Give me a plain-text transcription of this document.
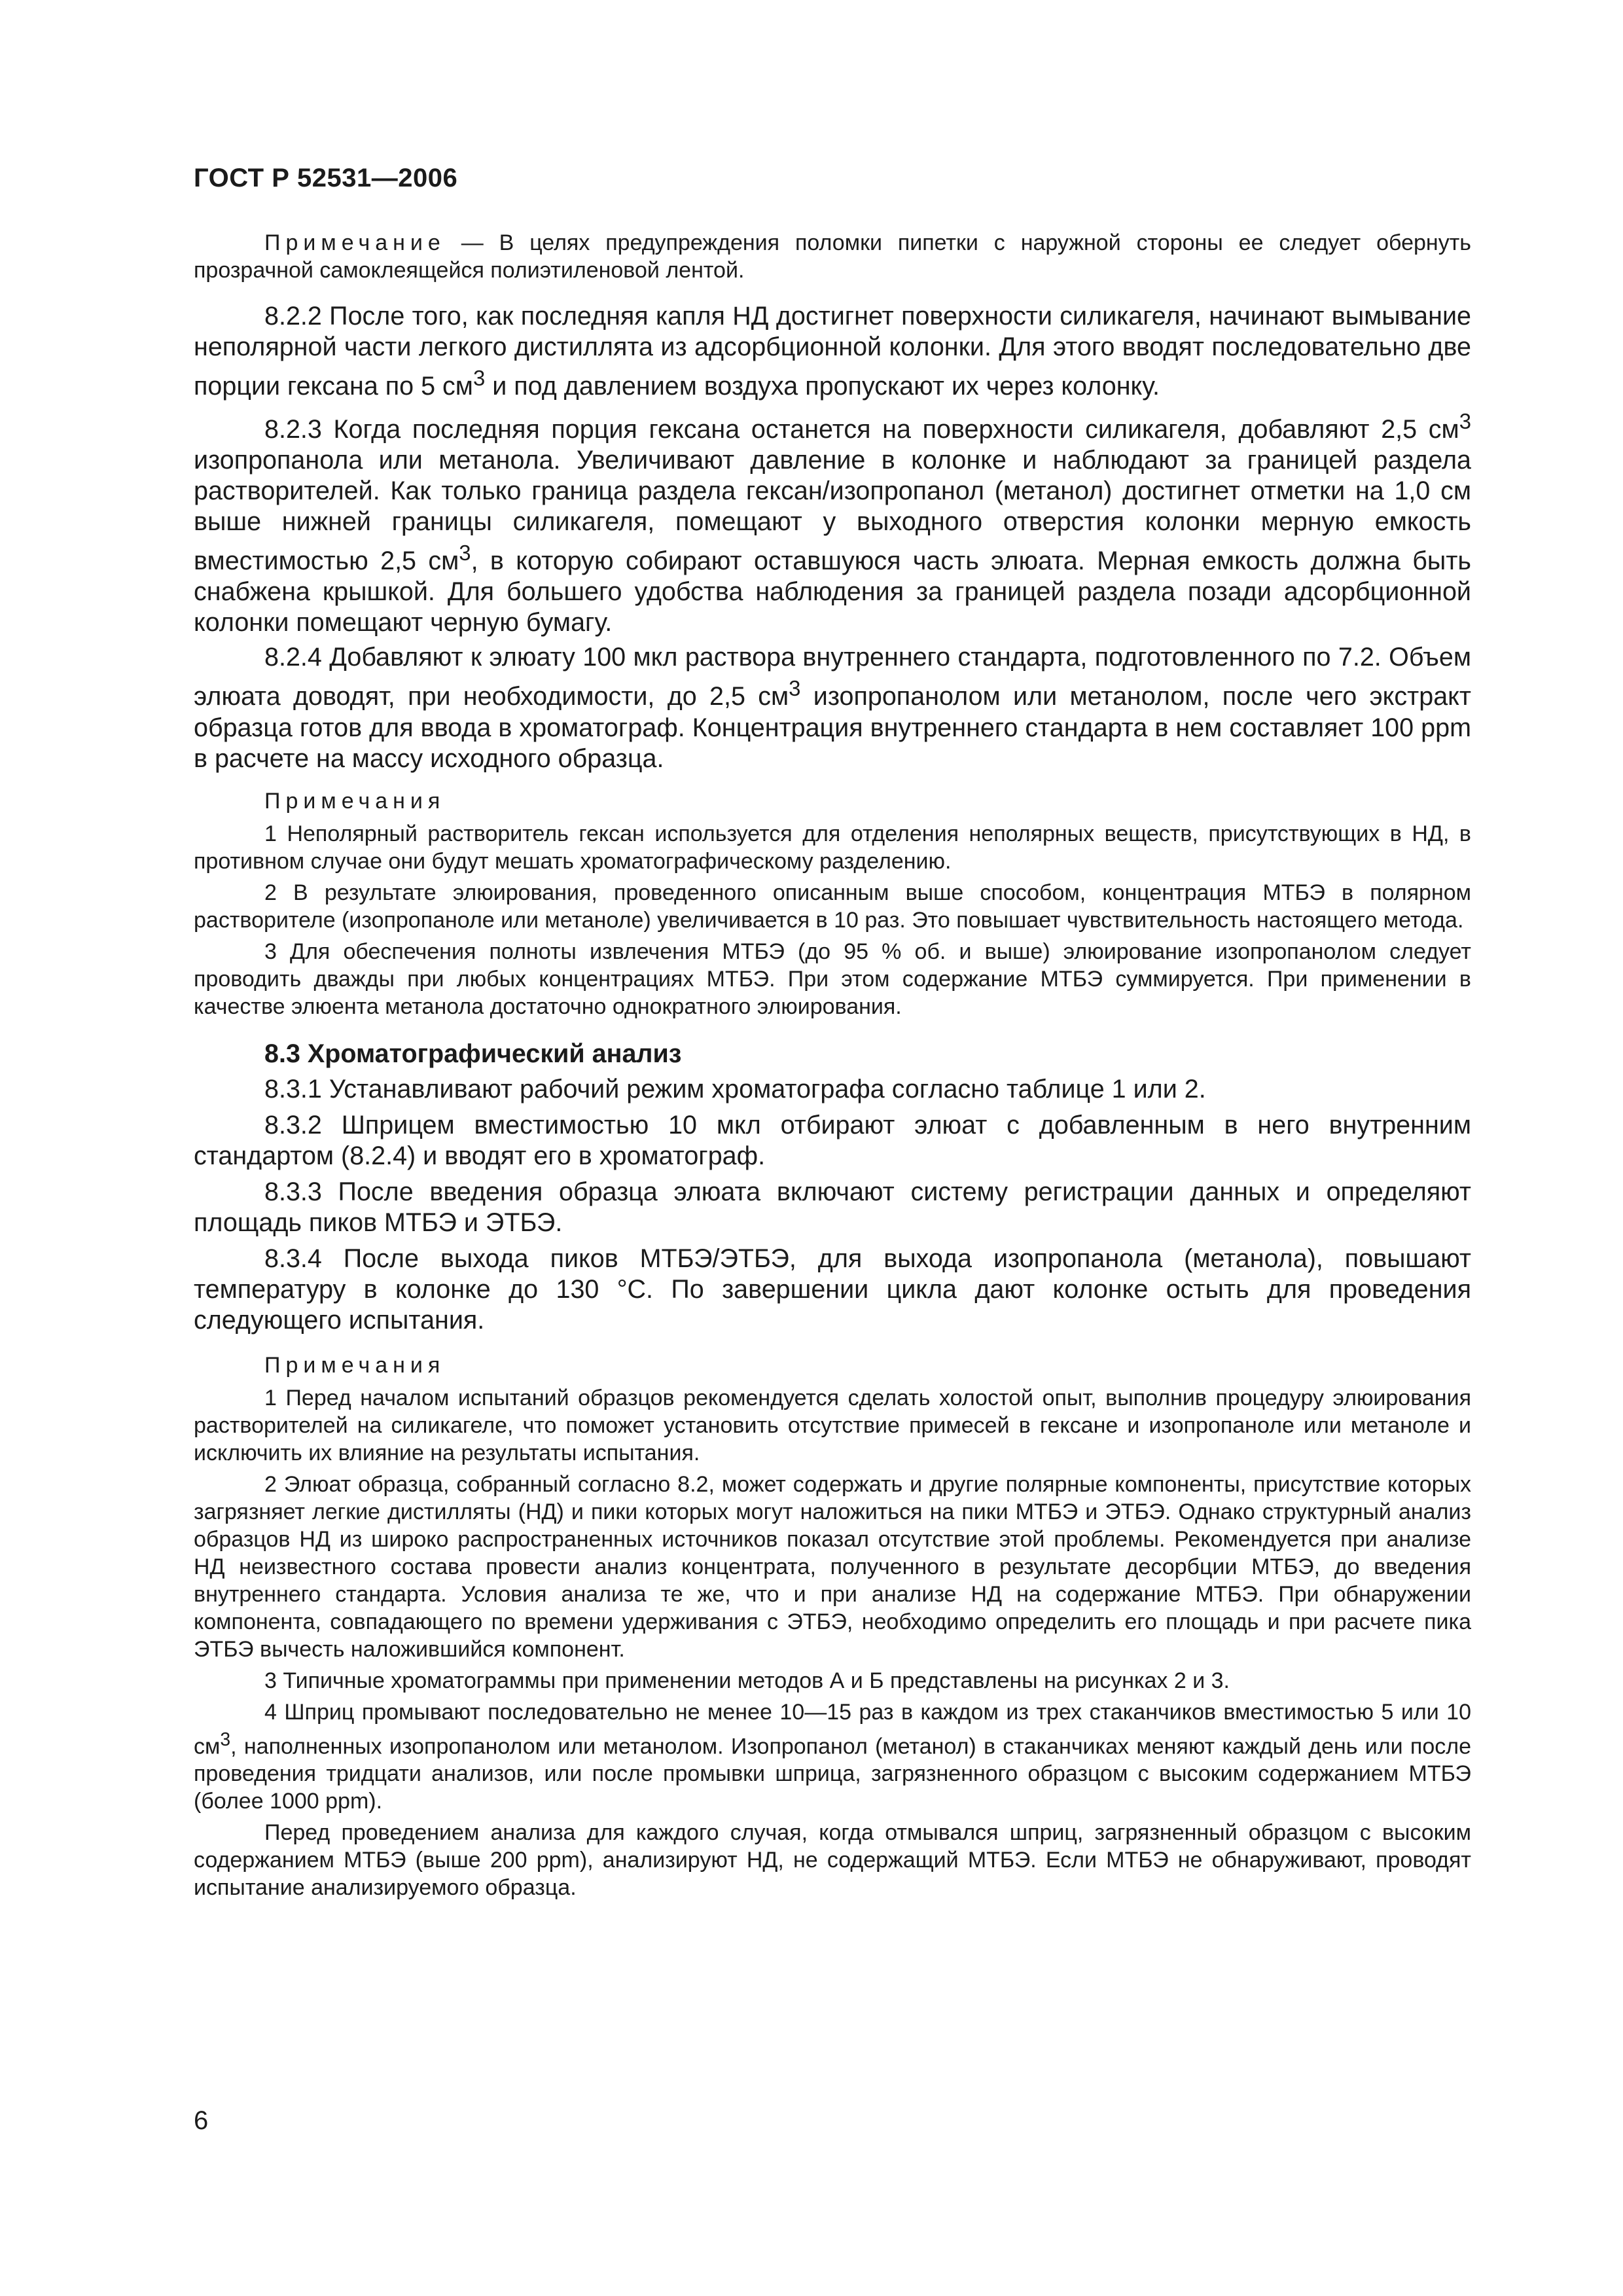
ГОСТ Р 52531—2006

Примечание — В целях предупреждения поломки пипетки с наружной стороны ее следует обернуть прозрачной самоклеящейся полиэтиленовой лентой.

8.2.2 После того, как последняя капля НД достигнет поверхности силикагеля, начинают вымывание неполярной части легкого дистиллята из адсорбционной колонки. Для этого вводят последовательно две порции гексана по 5 $см^3$ и под давлением воздуха пропускают их через колонку.

8.2.3 Когда последняя порция гексана останется на поверхности силикагеля, добавляют 2,5 $см^3$ изопропанола или метанола. Увеличивают давление в колонке и наблюдают за границей раздела растворителей. Как только граница раздела гексан/изопропанол (метанол) достигнет отметки на 1,0 см выше нижней границы силикагеля, помещают у выходного отверстия колонки мерную емкость вместимостью 2,5 $см^3$, в которую собирают оставшуюся часть элюата. Мерная емкость должна быть снабжена крышкой. Для большего удобства наблюдения за границей раздела позади адсорбционной колонки помещают черную бумагу.

8.2.4 Добавляют к элюату 100 мкл раствора внутреннего стандарта, подготовленного по 7.2. Объем элюата доводят, при необходимости, до 2,5 $см^3$ изопропанолом или метанолом, после чего экстракт образца готов для ввода в хроматограф. Концентрация внутреннего стандарта в нем составляет 100 ppm в расчете на массу исходного образца.

Примечания

1 Неполярный растворитель гексан используется для отделения неполярных веществ, присутствующих в НД, в противном случае они будут мешать хроматографическому разделению.

2 В результате элюирования, проведенного описанным выше способом, концентрация МТБЭ в полярном растворителе (изопропаноле или метаноле) увеличивается в 10 раз. Это повышает чувствительность настоящего метода.

3 Для обеспечения полноты извлечения МТБЭ (до 95 % об. и выше) элюирование изопропанолом следует проводить дважды при любых концентрациях МТБЭ. При этом содержание МТБЭ суммируется. При применении в качестве элюента метанола достаточно однократного элюирования.

8.3 Хроматографический анализ

8.3.1 Устанавливают рабочий режим хроматографа согласно таблице 1 или 2.

8.3.2 Шприцем вместимостью 10 мкл отбирают элюат с добавленным в него внутренним стандартом (8.2.4) и вводят его в хроматограф.

8.3.3 После введения образца элюата включают систему регистрации данных и определяют площадь пиков МТБЭ и ЭТБЭ.

8.3.4 После выхода пиков МТБЭ/ЭТБЭ, для выхода изопропанола (метанола), повышают температуру в колонке до 130 °С. По завершении цикла дают колонке остыть для проведения следующего испытания.

Примечания

1 Перед началом испытаний образцов рекомендуется сделать холостой опыт, выполнив процедуру элюирования растворителей на силикагеле, что поможет установить отсутствие примесей в гексане и изопропаноле или метаноле и исключить их влияние на результаты испытания.

2 Элюат образца, собранный согласно 8.2, может содержать и другие полярные компоненты, присутствие которых загрязняет легкие дистилляты (НД) и пики которых могут наложиться на пики МТБЭ и ЭТБЭ. Однако структурный анализ образцов НД из широко распространенных источников показал отсутствие этой проблемы. Рекомендуется при анализе НД неизвестного состава провести анализ концентрата, полученного в результате десорбции МТБЭ, до введения внутреннего стандарта. Условия анализа те же, что и при анализе НД на содержание МТБЭ. При обнаружении компонента, совпадающего по времени удерживания с ЭТБЭ, необходимо определить его площадь и при расчете пика ЭТБЭ вычесть наложившийся компонент.

3 Типичные хроматограммы при применении методов А и Б представлены на рисунках 2 и 3.

4 Шприц промывают последовательно не менее 10—15 раз в каждом из трех стаканчиков вместимостью 5 или 10 $см^3$, наполненных изопропанолом или метанолом. Изопропанол (метанол) в стаканчиках меняют каждый день или после проведения тридцати анализов, или после промывки шприца, загрязненного образцом с высоким содержанием МТБЭ (более 1000 ppm).

Перед проведением анализа для каждого случая, когда отмывался шприц, загрязненный образцом с высоким содержанием МТБЭ (выше 200 ppm), анализируют НД, не содержащий МТБЭ. Если МТБЭ не обнаруживают, проводят испытание анализируемого образца.

6
